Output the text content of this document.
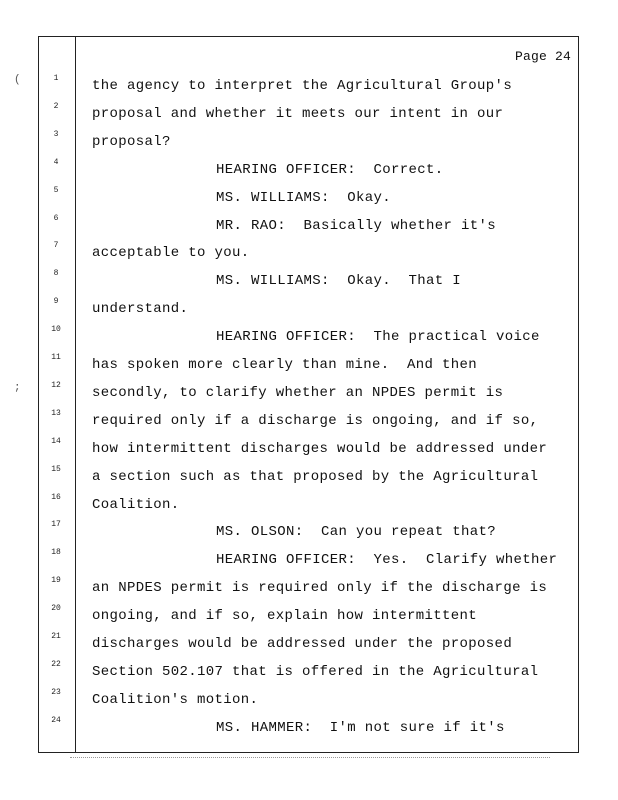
Page 24
(
;
1	the agency to interpret the Agricultural Group's
2	proposal and whether it meets our intent in our
3	proposal?
4	HEARING OFFICER:  Correct.
5	MS. WILLIAMS:  Okay.
6	MR. RAO:  Basically whether it's
7	acceptable to you.
8	MS. WILLIAMS:  Okay.  That I
9	understand.
10	HEARING OFFICER:  The practical voice
11	has spoken more clearly than mine.  And then
12	secondly, to clarify whether an NPDES permit is
13	required only if a discharge is ongoing, and if so,
14	how intermittent discharges would be addressed under
15	a section such as that proposed by the Agricultural
16	Coalition.
17	MS. OLSON:  Can you repeat that?
18	HEARING OFFICER:  Yes.  Clarify whether
19	an NPDES permit is required only if the discharge is
20	ongoing, and if so, explain how intermittent
21	discharges would be addressed under the proposed
22	Section 502.107 that is offered in the Agricultural
23	Coalition's motion.
24	MS. HAMMER:  I'm not sure if it's
